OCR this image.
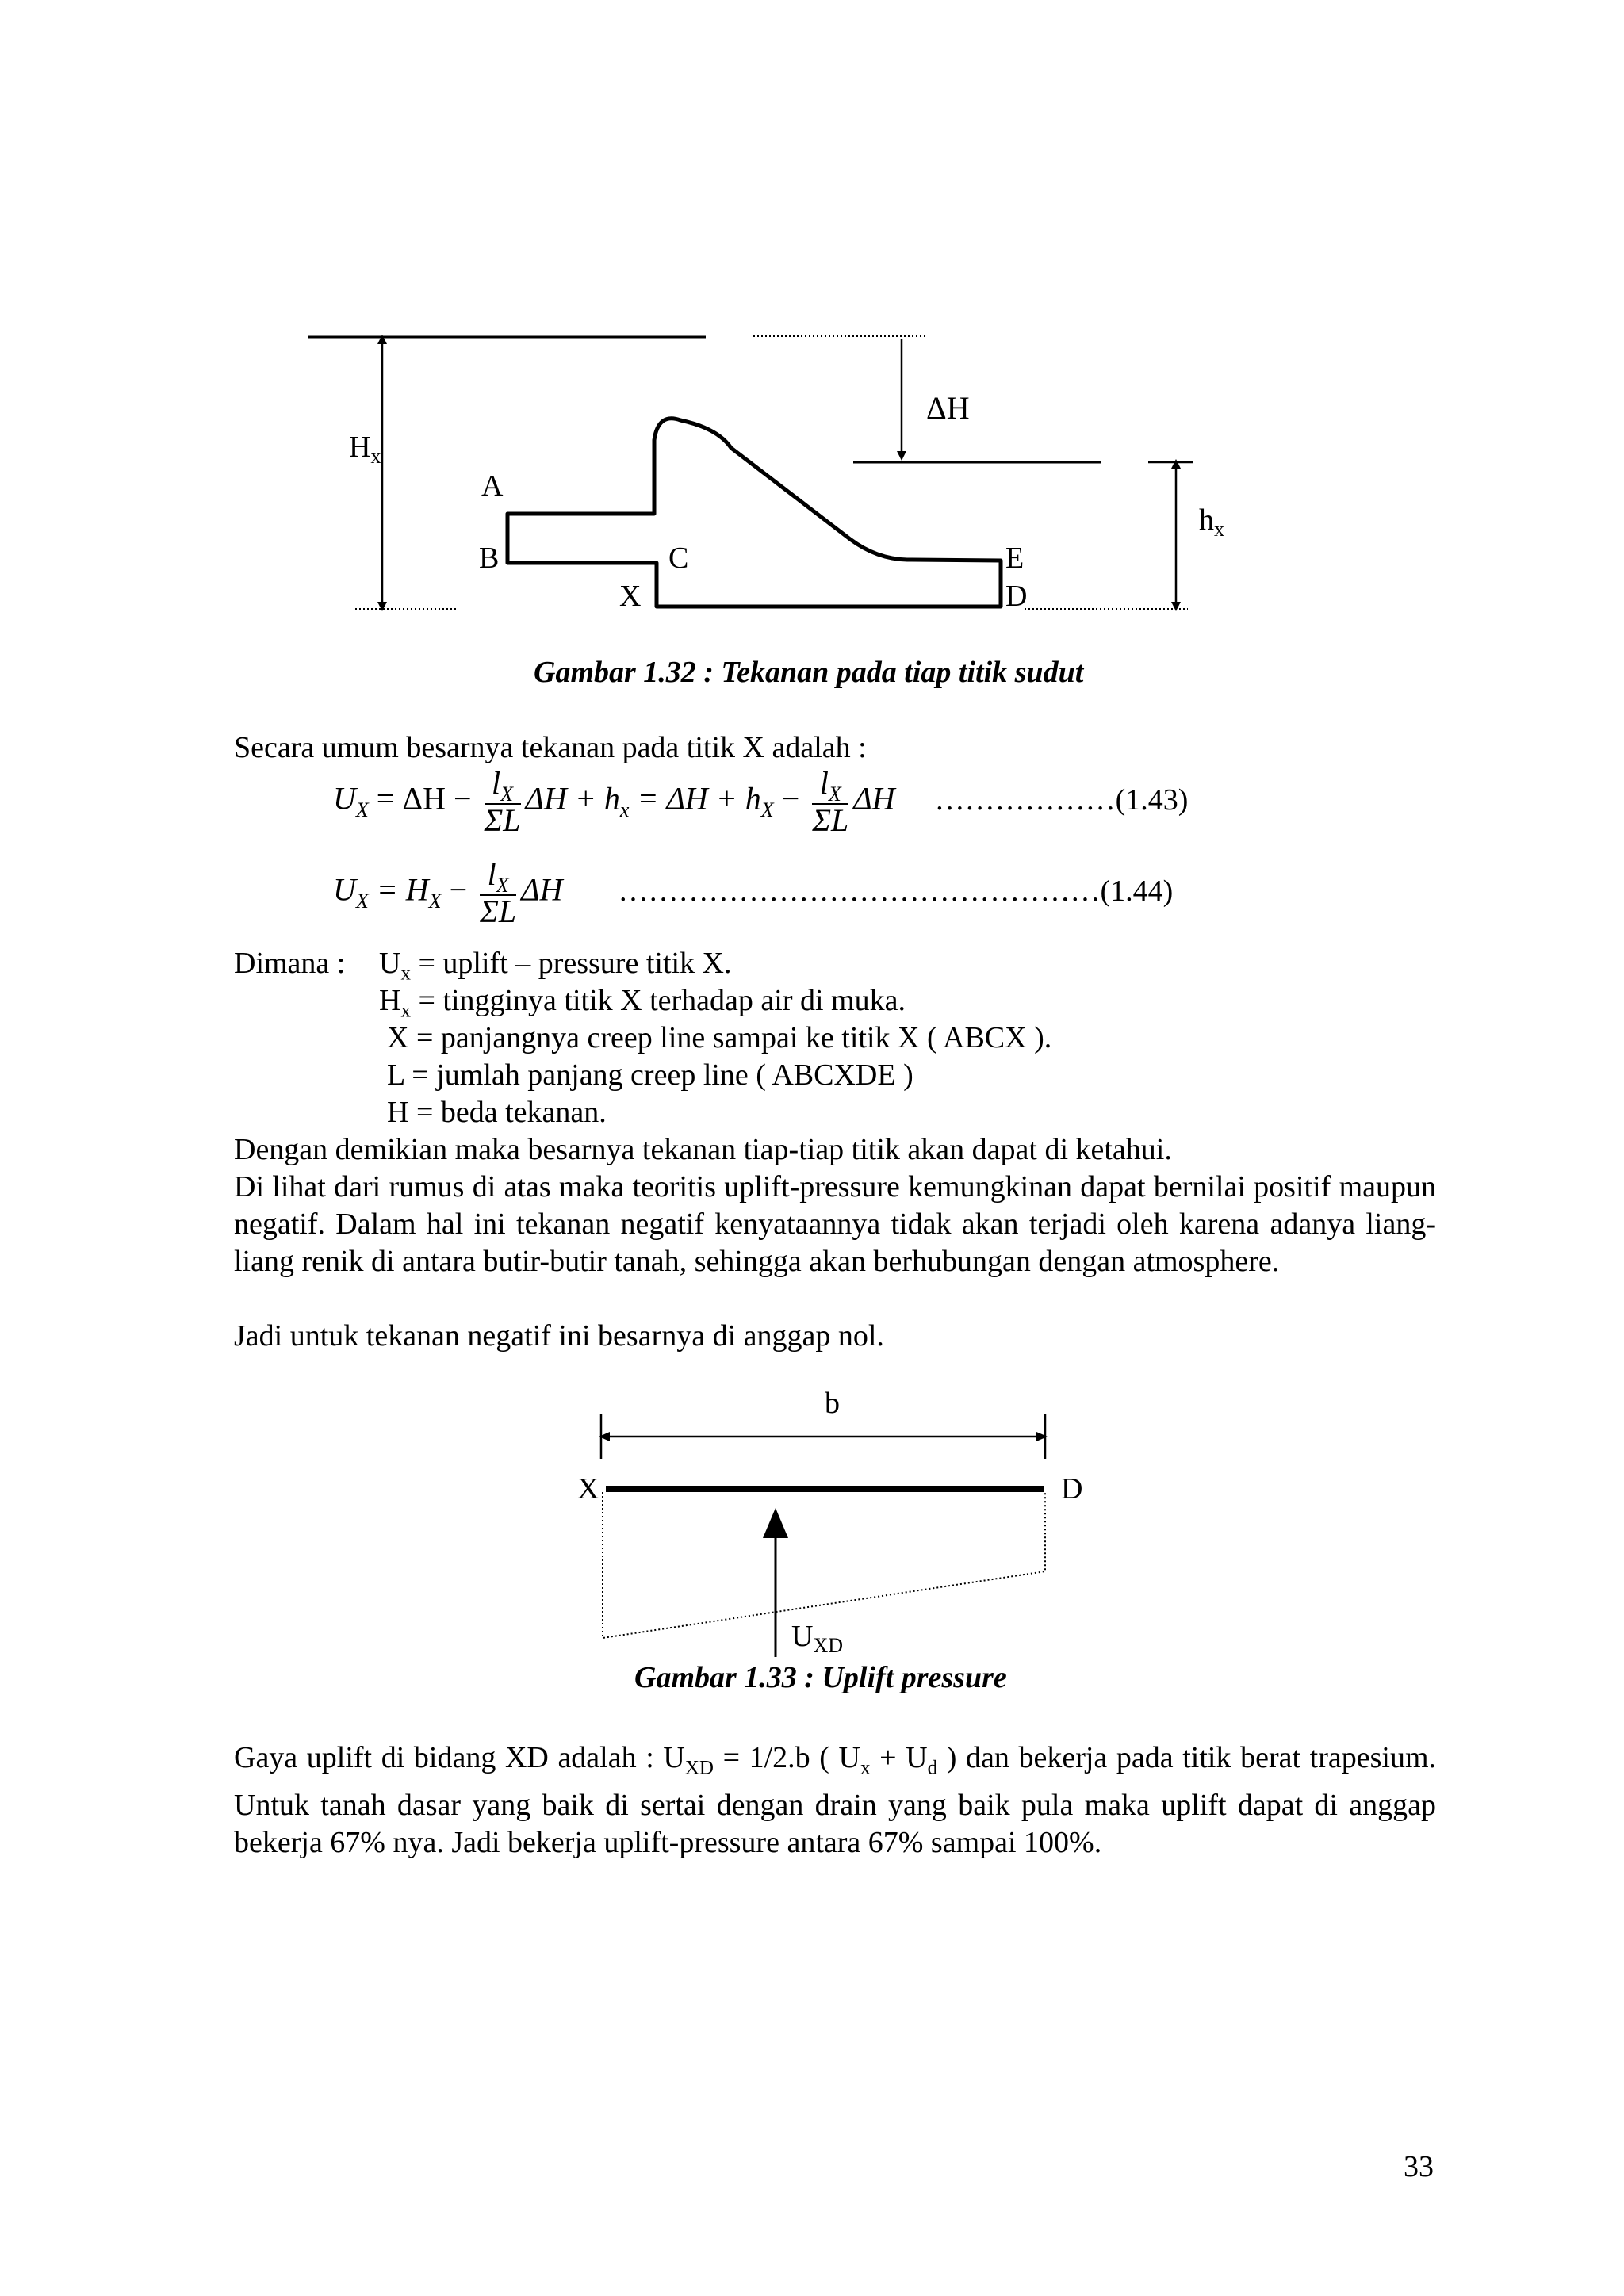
$H_x$
ΔH
$h_x$
A
B	C
X
E
D
Gambar 1.32 : Tekanan pada tiap titik sudut
Secara umum besarnya tekanan pada titik X adalah :
$U_X = \Delta H - \frac{l_X}{\Sigma L}$ $\Delta H + h_x = \Delta H + h_X - \frac{l_X}{\Sigma L}$ ΔH ………………(1.43)
$U_X = H_X - \frac{l_X}{\Sigma L}$ ΔH …………………………………………(1.44)
Dimana : $U_x$ = uplift – pressure titik X.
$H_x$ = tingginya titik X terhadap air di muka.
X = panjangnya creep line sampai ke titik X ( ABCX ).
L = jumlah panjang creep line ( ABCXDE )
H = beda tekanan.
Dengan demikian maka besarnya tekanan tiap-tiap titik akan dapat di ketahui.
Di lihat dari rumus di atas maka teoritis uplift-pressure kemungkinan dapat bernilai positif maupun negatif. Dalam hal ini tekanan negatif kenyataannya tidak akan terjadi oleh karena adanya liang-liang renik di antara butir-butir tanah, sehingga akan berhubungan dengan atmosphere.
Jadi untuk tekanan negatif ini besarnya di anggap nol.
b
X	D
$U_{XD}$
Gambar 1.33 : Uplift pressure
Gaya uplift di bidang XD adalah : $U_{XD} = 1/2.b$ ( $U_x + U_d$ ) dan bekerja pada titik berat trapesium. Untuk tanah dasar yang baik di sertai dengan drain yang baik pula maka uplift dapat di anggap bekerja 67% nya. Jadi bekerja uplift-pressure antara 67% sampai 100%.
33
